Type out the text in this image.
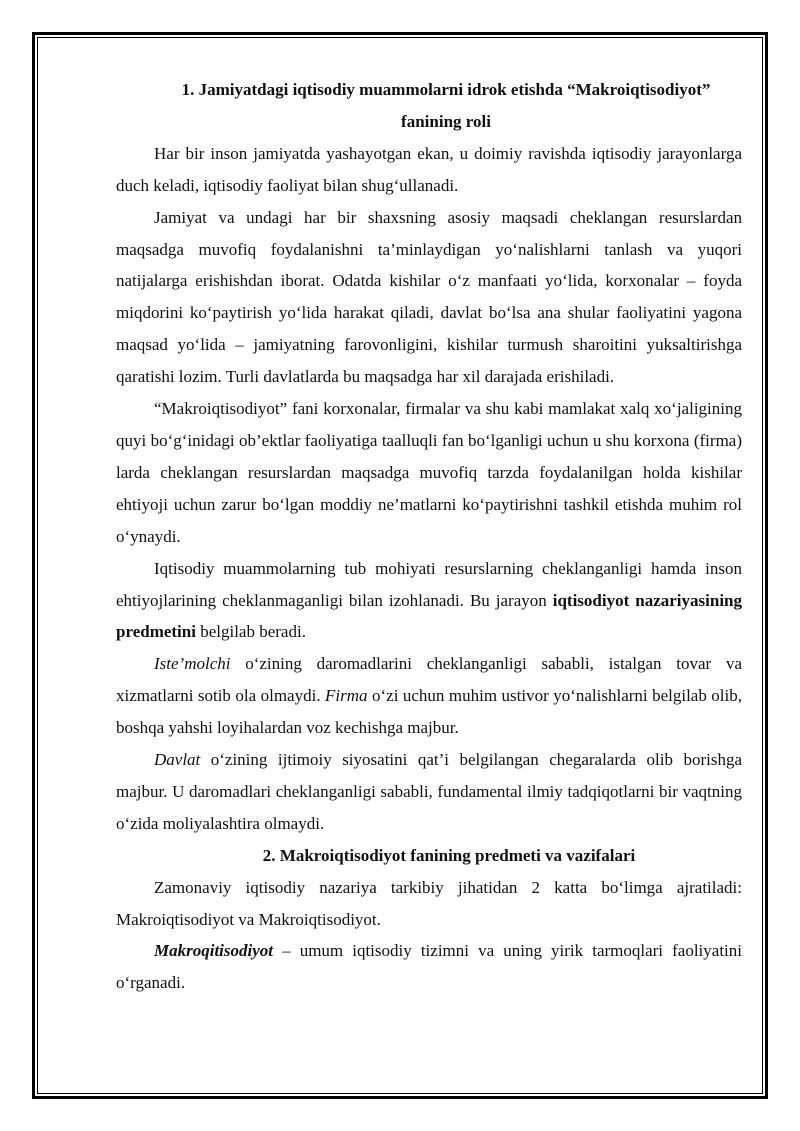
1. Jamiyatdagi iqtisodiy muammolarni idrok etishda “Makroiqtisodiyot”
fanining roli

Har bir inson jamiyatda yashayotgan ekan, u doimiy ravishda iqtisodiy jarayonlarga duch keladi, iqtisodiy faoliyat bilan shug‘ullanadi.

Jamiyat va undagi har bir shaxsning asosiy maqsadi cheklangan resurslardan maqsadga muvofiq foydalanishni ta’minlaydigan yo‘nalishlarni tanlash va yuqori natijalarga erishishdan iborat. Odatda kishilar o‘z manfaati yo‘lida, korxonalar – foyda miqdorini ko‘paytirish yo‘lida harakat qiladi, davlat bo‘lsa ana shular faoliyatini yagona maqsad yo‘lida – jamiyatning farovonligini, kishilar turmush sharoitini yuksaltirishga qaratishi lozim. Turli davlatlarda bu maqsadga har xil darajada erishiladi.

“Makroiqtisodiyot” fani korxonalar, firmalar va shu kabi mamlakat xalq xo‘jaligining quyi bo‘g‘inidagi ob’ektlar faoliyatiga taalluqli fan bo‘lganligi uchun u shu korxona (firma) larda cheklangan resurslardan maqsadga muvofiq tarzda foydalanilgan holda kishilar ehtiyoji uchun zarur bo‘lgan moddiy ne’matlarni ko‘paytirishni tashkil etishda muhim rol o‘ynaydi.

Iqtisodiy muammolarning tub mohiyati resurslarning cheklanganligi hamda inson ehtiyojlarining cheklanmaganligi bilan izohlanadi. Bu jarayon iqtisodiyot nazariyasining predmetini belgilab beradi.

Iste’molchi o‘zining daromadlarini cheklanganligi sababli, istalgan tovar va xizmatlarni sotib ola olmaydi. Firma o‘zi uchun muhim ustivor yo‘nalishlarni belgilab olib, boshqa yahshi loyihalardan voz kechishga majbur.

Davlat o‘zining ijtimoiy siyosatini qat’i belgilangan chegaralarda olib borishga majbur. U daromadlari cheklanganligi sababli, fundamental ilmiy tadqiqotlarni bir vaqtning o‘zida moliyalashtira olmaydi.

2. Makroiqtisodiyot fanining predmeti va vazifalari

Zamonaviy iqtisodiy nazariya tarkibiy jihatidan 2 katta bo‘limga ajratiladi: Makroiqtisodiyot va Makroiqtisodiyot.

Makroqitisodiyot – umum iqtisodiy tizimni va uning yirik tarmoqlari faoliyatini o‘rganadi.
